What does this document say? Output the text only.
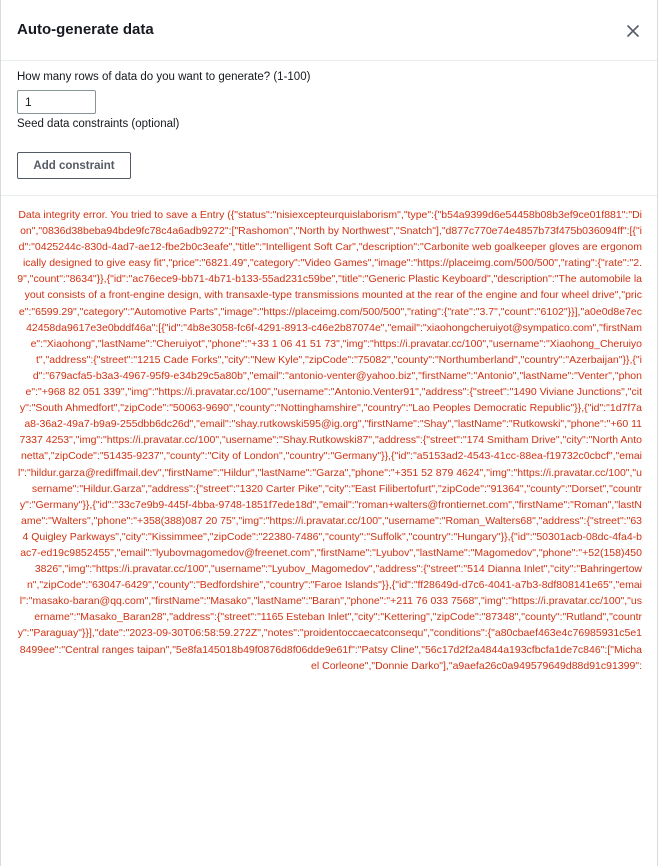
Auto-generate data
How many rows of data do you want to generate? (1-100)
1
Seed data constraints (optional)
Add constraint
Data integrity error. You tried to save a Entry ({"status":"nisiexcepteurquislaborism","type":{"b54a9399d6e54458b08b3ef9ce01f881":"Dion","0836d38beba94bde9fc78c4a6adb9272":["Rashomon","North by Northwest","Snatch"],"d877c770e74e4857b73f475b036094ff":[{"id":"0425244c-830d-4ad7-ae12-fbe2b0c3eafe","title":"Intelligent Soft Car","description":"Carbonite web goalkeeper gloves are ergonomically designed to give easy fit","price":"6821.49","category":"Video Games","image":"https://placeimg.com/500/500","rating":{"rate":"2.9","count":"8634"}},{"id":"ac76ece9-bb71-4b71-b133-55ad231c59be","title":"Generic Plastic Keyboard","description":"The automobile layout consists of a front-engine design, with transaxle-type transmissions mounted at the rear of the engine and four wheel drive","price":"6599.29","category":"Automotive Parts","image":"https://placeimg.com/500/500","rating":{"rate":"3.7","count":"6102"}}],"a0e0d8e7ec42458da9617e3e0bddf46a":[{"id":"4b8e3058-fc6f-4291-8913-c46e2b87074e","email":"xiaohongcheruiyot@sympatico.com","firstName":"Xiaohong","lastName":"Cheruiyot","phone":"+33 1 06 41 51 73","img":"https://i.pravatar.cc/100","username":"Xiaohong_Cheruiyot","address":{"street":"1215 Cade Forks","city":"New Kyle","zipCode":"75082","county":"Northumberland","country":"Azerbaijan"}},{"id":"679acfa5-b3a3-4967-95f9-e34b29c5a80b","email":"antonio-venter@yahoo.biz","firstName":"Antonio","lastName":"Venter","phone":"+968 82 051 339","img":"https://i.pravatar.cc/100","username":"Antonio.Venter91","address":{"street":"1490 Viviane Junctions","city":"South Ahmedfort","zipCode":"50063-9690","county":"Nottinghamshire","country":"Lao Peoples Democratic Republic"}},{"id":"1d7f7aa8-36a2-49a7-b9a9-255dbb6dc26d","email":"shay.rutkowski595@ig.org","firstName":"Shay","lastName":"Rutkowski","phone":"+60 11 7337 4253","img":"https://i.pravatar.cc/100","username":"Shay.Rutkowski87","address":{"street":"174 Smitham Drive","city":"North Antonetta","zipCode":"51435-9237","county":"City of London","country":"Germany"}},{"id":"a5153ad2-4543-41cc-88ea-f19732c0cbcf","email":"hildur.garza@rediffmail.dev","firstName":"Hildur","lastName":"Garza","phone":"+351 52 879 4624","img":"https://i.pravatar.cc/100","username":"Hildur.Garza","address":{"street":"1320 Carter Pike","city":"East Filibertofurt","zipCode":"91364","county":"Dorset","country":"Germany"}},{"id":"33c7e9b9-445f-4bba-9748-1851f7ede18d","email":"roman+walters@frontiernet.com","firstName":"Roman","lastName":"Walters","phone":"+358(388)087 20 75","img":"https://i.pravatar.cc/100","username":"Roman_Walters68","address":{"street":"634 Quigley Parkways","city":"Kissimmee","zipCode":"22380-7486","county":"Suffolk","country":"Hungary"}},{"id":"50301acb-08dc-4fa4-bac7-ed19c9852455","email":"lyubovmagomedov@freenet.com","firstName":"Lyubov","lastName":"Magomedov","phone":"+52(158)450 3826","img":"https://i.pravatar.cc/100","username":"Lyubov_Magomedov","address":{"street":"514 Dianna Inlet","city":"Bahringertown","zipCode":"63047-6429","county":"Bedfordshire","country":"Faroe Islands"}},{"id":"ff28649d-d7c6-4041-a7b3-8df808141e65","email":"masako-baran@qq.com","firstName":"Masako","lastName":"Baran","phone":"+211 76 033 7568","img":"https://i.pravatar.cc/100","username":"Masako_Baran28","address":{"street":"1165 Esteban Inlet","city":"Kettering","zipCode":"87348","county":"Rutland","country":"Paraguay"}}],"date":"2023-09-30T06:58:59.272Z","notes":"proidentoccaecatconsequ","conditions":{"a80cbaef463e4c76985931c5e18499ee":"Central ranges taipan","5e8fa145018b49f0876d8f06dde9e61f":"Patsy Cline","56c17d2f2a4844a193cfbcfa1de7c846":["Michael Corleone","Donnie Darko"],"a9aefa26c0a949579649d88d91c91399":
